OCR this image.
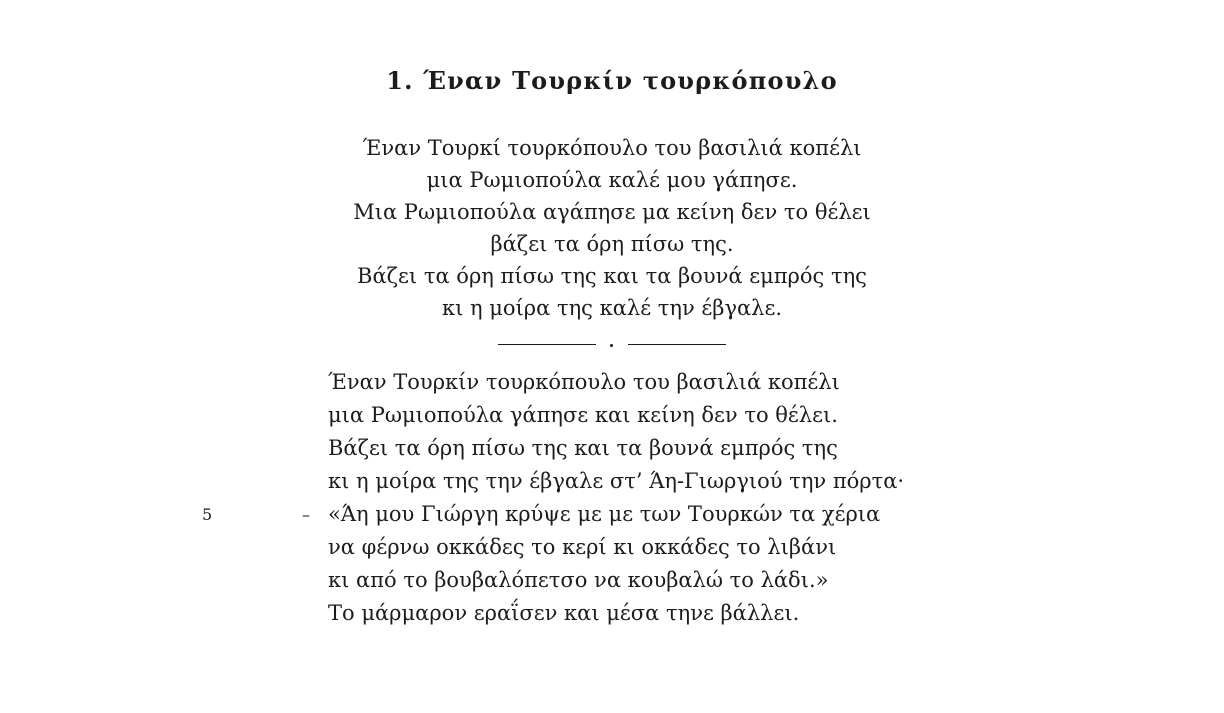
1. Έναν Τουρκίν τουρκόπουλο
Έναν Τουρκί τουρκόπουλο του βασιλιά κοπέλι
μια Ρωμιοπούλα καλέ μου γάπησε.
Μια Ρωμιοπούλα αγάπησε μα κείνη δεν το θέλει
βάζει τα όρη πίσω της.
Βάζει τα όρη πίσω της και τα βουνά εμπρός της
κι η μοίρα της καλέ την έβγαλε.
Έναν Τουρκίν τουρκόπουλο του βασιλιά κοπέλι
μια Ρωμιοπούλα γάπησε και κείνη δεν το θέλει.
Βάζει τα όρη πίσω της και τα βουνά εμπρός της
κι η μοίρα της την έβγαλε στ’ Άη-Γιωργιού την πόρτα·
5	– «Άη μου Γιώργη κρύψε με με των Τουρκών τα χέρια
να φέρνω οκκάδες το κερί κι οκκάδες το λιβάνι
κι από το βουβαλόπετσο να κουβαλώ το λάδι.»
Το μάρμαρον εραΐσεν και μέσα τηνε βάλλει.
